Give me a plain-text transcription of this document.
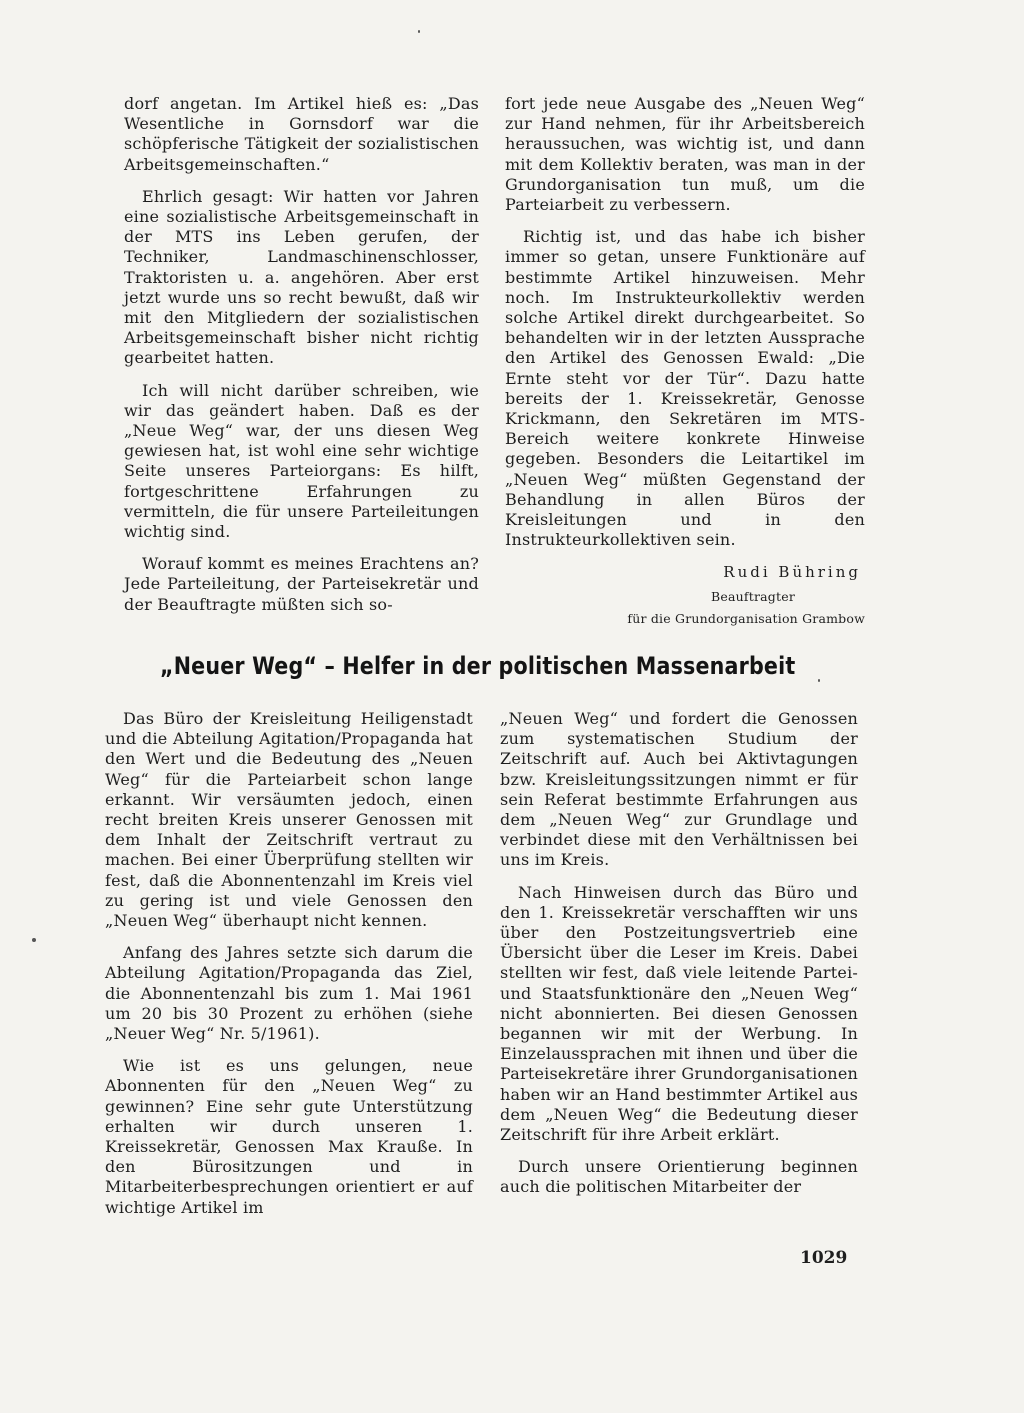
dorf angetan. Im Artikel hieß es: „Das Wesentliche in Gornsdorf war die schöpferische Tätigkeit der sozialistischen Arbeitsgemeinschaften.“

Ehrlich gesagt: Wir hatten vor Jahren eine sozialistische Arbeitsgemeinschaft in der MTS ins Leben gerufen, der Techniker, Landmaschinenschlosser, Traktoristen u. a. angehören. Aber erst jetzt wurde uns so recht bewußt, daß wir mit den Mitgliedern der sozialistischen Arbeitsgemeinschaft bisher nicht richtig gearbeitet hatten.

Ich will nicht darüber schreiben, wie wir das geändert haben. Daß es der „Neue Weg“ war, der uns diesen Weg gewiesen hat, ist wohl eine sehr wichtige Seite unseres Parteiorgans: Es hilft, fortgeschrittene Erfahrungen zu vermitteln, die für unsere Parteileitungen wichtig sind.

Worauf kommt es meines Erachtens an? Jede Parteileitung, der Parteisekretär und der Beauftragte müßten sich so-

fort jede neue Ausgabe des „Neuen Weg“ zur Hand nehmen, für ihr Arbeitsbereich heraussuchen, was wichtig ist, und dann mit dem Kollektiv beraten, was man in der Grundorganisation tun muß, um die Parteiarbeit zu verbessern.

Richtig ist, und das habe ich bisher immer so getan, unsere Funktionäre auf bestimmte Artikel hinzuweisen. Mehr noch. Im Instrukteurkollektiv werden solche Artikel direkt durchgearbeitet. So behandelten wir in der letzten Aussprache den Artikel des Genossen Ewald: „Die Ernte steht vor der Tür“. Dazu hatte bereits der 1. Kreissekretär, Genosse Krickmann, den Sekretären im MTS-Bereich weitere konkrete Hinweise gegeben. Besonders die Leitartikel im „Neuen Weg“ müßten Gegenstand der Behandlung in allen Büros der Kreisleitungen und in den Instrukteurkollektiven sein.

Rudi Bühring
Beauftragter
für die Grundorganisation Grambow
„Neuer Weg“ – Helfer in der politischen Massenarbeit

Das Büro der Kreisleitung Heiligenstadt und die Abteilung Agitation/Propaganda hat den Wert und die Bedeutung des „Neuen Weg“ für die Parteiarbeit schon lange erkannt. Wir versäumten jedoch, einen recht breiten Kreis unserer Genossen mit dem Inhalt der Zeitschrift vertraut zu machen. Bei einer Überprüfung stellten wir fest, daß die Abonnentenzahl im Kreis viel zu gering ist und viele Genossen den „Neuen Weg“ überhaupt nicht kennen.

Anfang des Jahres setzte sich darum die Abteilung Agitation/Propaganda das Ziel, die Abonnentenzahl bis zum 1. Mai 1961 um 20 bis 30 Prozent zu erhöhen (siehe „Neuer Weg“ Nr. 5/1961).

Wie ist es uns gelungen, neue Abonnenten für den „Neuen Weg“ zu gewinnen? Eine sehr gute Unterstützung erhalten wir durch unseren 1. Kreissekretär, Genossen Max Krauße. In den Bürositzungen und in Mitarbeiterbesprechungen orientiert er auf wichtige Artikel im

„Neuen Weg“ und fordert die Genossen zum systematischen Studium der Zeitschrift auf. Auch bei Aktivtagungen bzw. Kreisleitungssitzungen nimmt er für sein Referat bestimmte Erfahrungen aus dem „Neuen Weg“ zur Grundlage und verbindet diese mit den Verhältnissen bei uns im Kreis.

Nach Hinweisen durch das Büro und den 1. Kreissekretär verschafften wir uns über den Postzeitungsvertrieb eine Übersicht über die Leser im Kreis. Dabei stellten wir fest, daß viele leitende Partei- und Staatsfunktionäre den „Neuen Weg“ nicht abonnierten. Bei diesen Genossen begannen wir mit der Werbung. In Einzelaussprachen mit ihnen und über die Parteisekretäre ihrer Grundorganisationen haben wir an Hand bestimmter Artikel aus dem „Neuen Weg“ die Bedeutung dieser Zeitschrift für ihre Arbeit erklärt.

Durch unsere Orientierung beginnen auch die politischen Mitarbeiter der

1029
